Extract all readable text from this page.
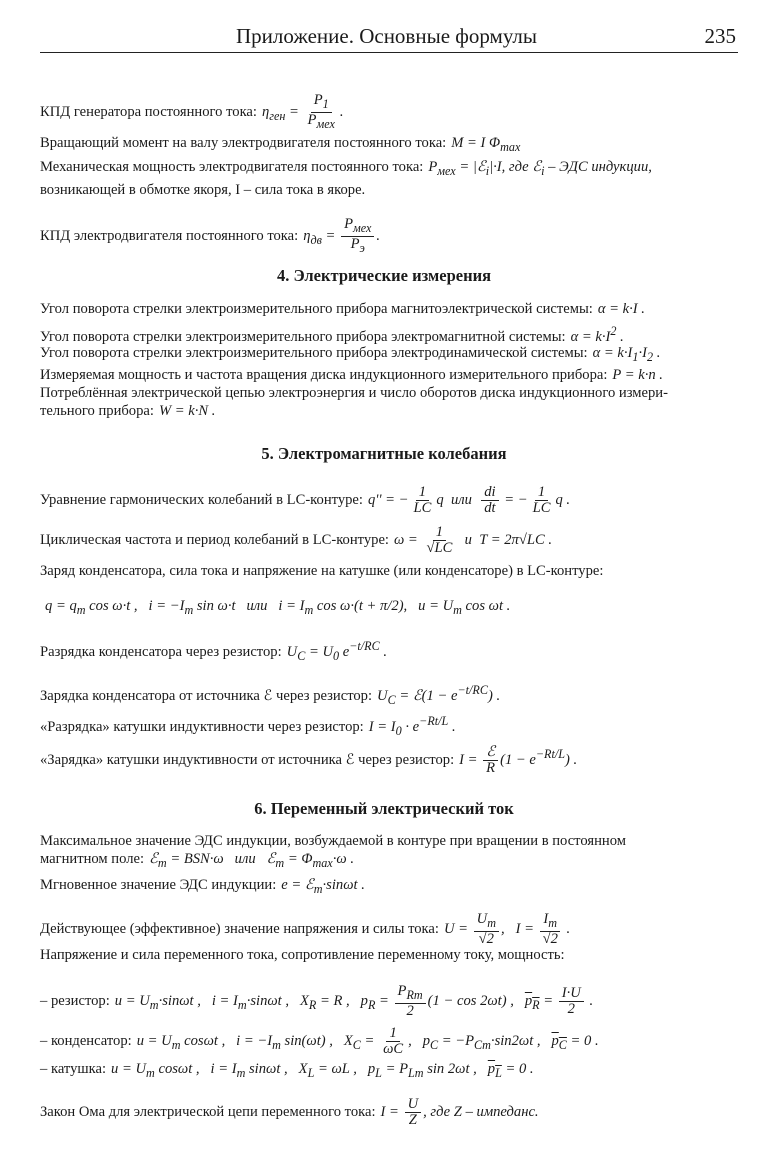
Приложение. Основные формулы	235
КПД генератора постоянного тока: $\eta_{ген} = \frac{P_1}{P_{мех}}$ .
Вращающий момент на валу электродвигателя постоянного тока: M = I $\Phi_{max}$
Механическая мощность электродвигателя постоянного тока: $P_{мех}$ = |ℰ$_i$|·I, где ℰ$_i$ – ЭДС индукции,
возникающей в обмотке якоря, I – сила тока в якоре.
КПД электродвигателя постоянного тока: $\eta_{дв} = \frac{P_{мех}}{P_э}$ .
4. Электрические измерения
Угол поворота стрелки электроизмерительного прибора магнитоэлектрической системы: α = k·I .
Угол поворота стрелки электроизмерительного прибора электромагнитной системы: $\alpha = k\cdot I^2$ .
Угол поворота стрелки электроизмерительного прибора электродинамической системы: $\alpha = k\cdot I_1\cdot I_2$ .
Измеряемая мощность и частота вращения диска индукционного измерительного прибора: P = k·n .
Потреблённая электрической цепью электроэнергия и число оборотов диска индукционного измери-
тельного прибора: W = k·N .
5. Электромагнитные колебания
Уравнение гармонических колебаний в LC-контуре: q'' = − $\frac{1}{LC}$ q  или $\frac{di}{dt}$ = − $\frac{1}{LC}$ q .
Циклическая частота и период колебаний в LC-контуре: $\omega = \frac{1}{√LC}$ и  T = 2π√LC .
Заряд конденсатора, сила тока и напряжение на катушке (или конденсаторе) в LC-контуре:
$q = q_m$ cos ω·t ,   $i = -I_m$ sin ω·t   или   $i = I_m$ cos ω·(t + π/2),   $u = U_m$ cos ωt .
Разрядка конденсатора через резистор: $U_C = U_0$ $e^{-t/RC}$ .
Зарядка конденсатора от источника ℰ через резистор: $U_C$ = ℰ(1 − $e^{-t/RC}$) .
«Разрядка» катушки индуктивности через резистор: $I = I_0 \cdot e^{-Rt/L}$ .
«Зарядка» катушки индуктивности от источника ℰ через резистор: $I = \frac{\text{ℰ}}{R} (1 - e^{-Rt/L})$ .
6. Переменный электрический ток
Максимальное значение ЭДС индукции, возбуждаемой в контуре при вращении в постоянном
магнитном поле: ℰ$_m$ = BSN·ω   или   ℰ$_m$ = $\Phi_{max}\cdot\omega$ .
Мгновенное значение ЭДС индукции: e = ℰ$_m$·sinωt .
Действующее (эффективное) значение напряжения и силы тока: $U = \frac{U_m}{√2}$ ,   $I = \frac{I_m}{√2}$ .
Напряжение и сила переменного тока, сопротивление переменному току, мощность:
– резистор: $u = U_m\cdot\sin\omega t$ ,   $i = I_m\cdot\sin\omega t$ ,   $X_R = R$ ,   $p_R = \frac{P_{Rm}}{2} (1 - \cos 2\omega t)$ ,   $p_R = \frac{I\cdot U}{2}$ .
– конденсатор: $u = U_m$ cosωt ,   $i = -I_m$ sin(ωt) ,   $X_C = \frac{1}{\omega C}$ ,   $p_C = -P_{Cm}\cdot\sin 2\omega t$ ,   $p_C = 0$ .
– катушка: $u = U_m$ cosωt ,   $i = I_m$ sinωt ,   $X_L = \omega L$ ,   $p_L = P_{Lm}$ sin 2ωt ,   $p_L = 0$ .
Закон Ома для электрической цепи переменного тока: $I = \frac{U}{Z}$ , где Z – импеданс.
